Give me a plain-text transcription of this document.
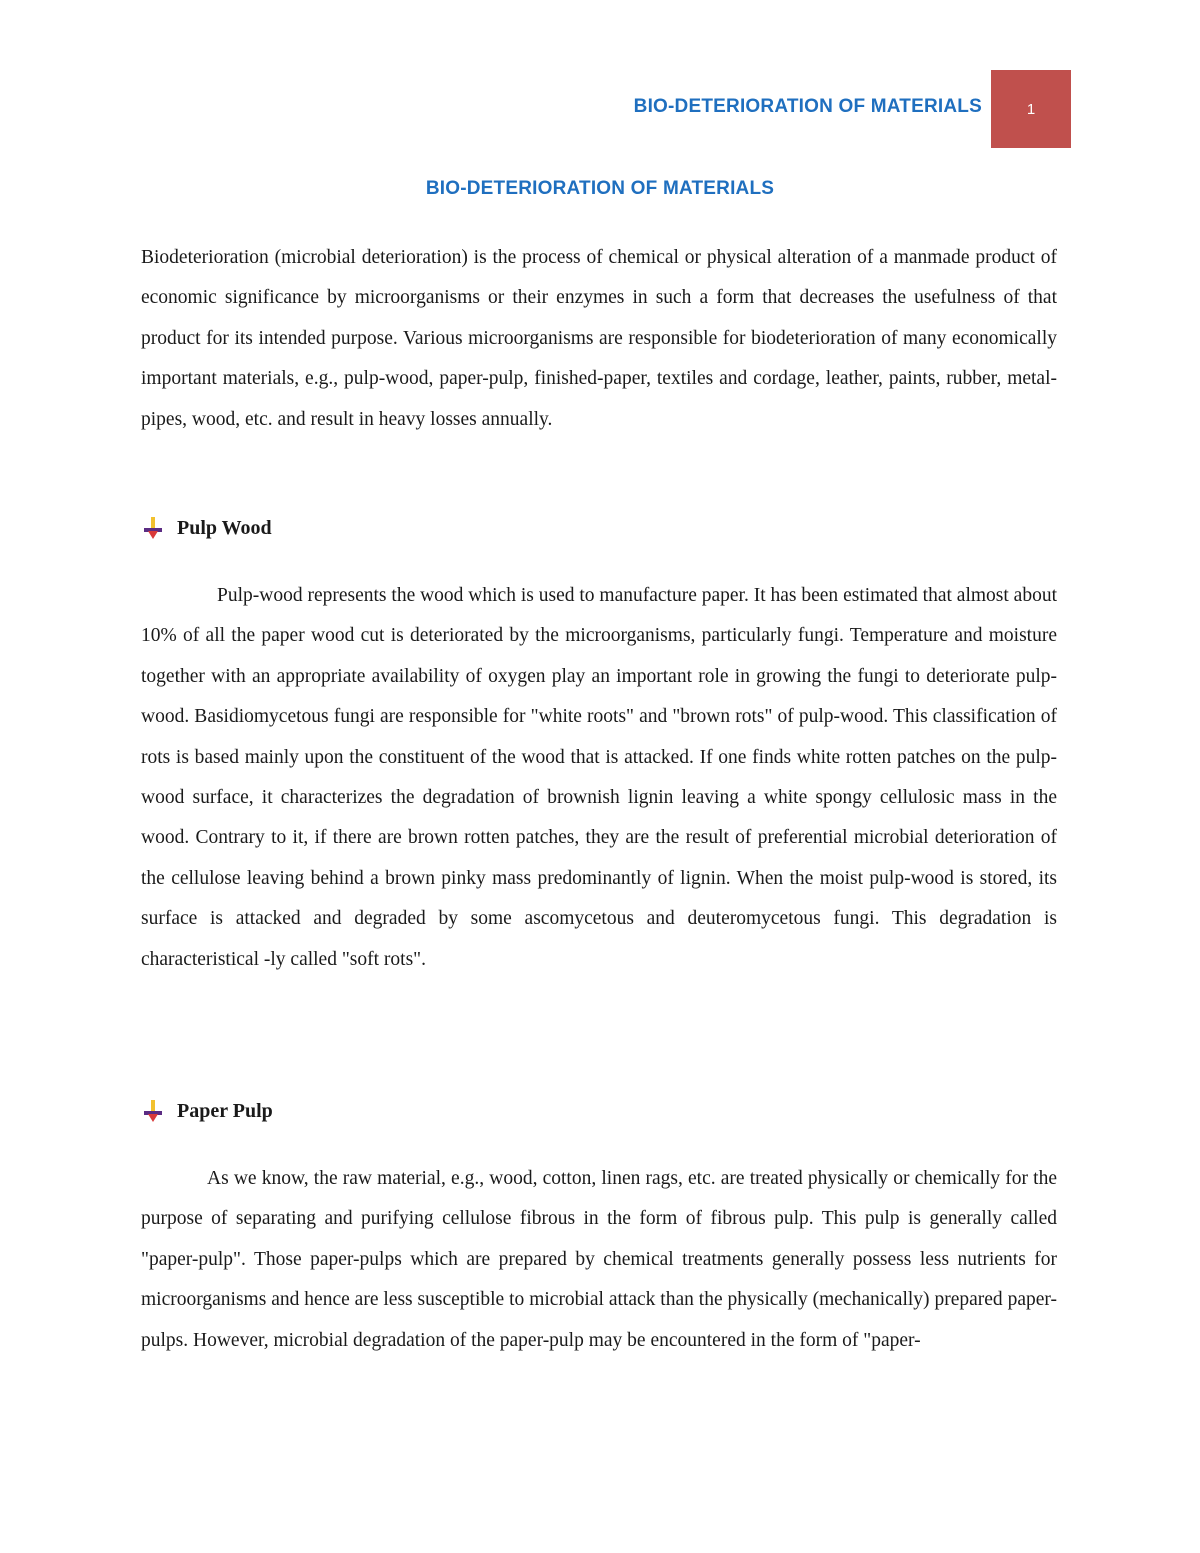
BIO-DETERIORATION OF MATERIALS	1
BIO-DETERIORATION OF MATERIALS

Biodeterioration (microbial deterioration) is the process of chemical or physical alteration of a manmade product of economic significance by microorganisms or their enzymes in such a form that decreases the usefulness of that product for its intended purpose. Various microorganisms are responsible for biodeterioration of many economically important materials, e.g., pulp-wood, paper-pulp, finished-paper, textiles and cordage, leather, paints, rubber, metal-pipes, wood, etc. and result in heavy losses annually.

Pulp Wood

Pulp-wood represents the wood which is used to manufacture paper. It has been estimated that almost about 10% of all the paper wood cut is deteriorated by the microorganisms, particularly fungi. Temperature and moisture together with an appropriate availability of oxygen play an important role in growing the fungi to deteriorate pulp-wood. Basidiomycetous fungi are responsible for "white roots" and "brown rots" of pulp-wood. This classification of rots is based mainly upon the constituent of the wood that is attacked. If one finds white rotten patches on the pulp-wood surface, it characterizes the degradation of brownish lignin leaving a white spongy cellulosic mass in the wood. Contrary to it, if there are brown rotten patches, they are the result of preferential microbial deterioration of the cellulose leaving behind a brown pinky mass predominantly of lignin. When the moist pulp-wood is stored, its surface is attacked and degraded by some ascomycetous and deuteromycetous fungi. This degradation is characteristical -ly called "soft rots".

Paper Pulp

As we know, the raw material, e.g., wood, cotton, linen rags, etc. are treated physically or chemically for the purpose of separating and purifying cellulose fibrous in the form of fibrous pulp. This pulp is generally called "paper-pulp". Those paper-pulps which are prepared by chemical treatments generally possess less nutrients for microorganisms and hence are less susceptible to microbial attack than the physically (mechanically) prepared paper-pulps. However, microbial degradation of the paper-pulp may be encountered in the form of "paper-
